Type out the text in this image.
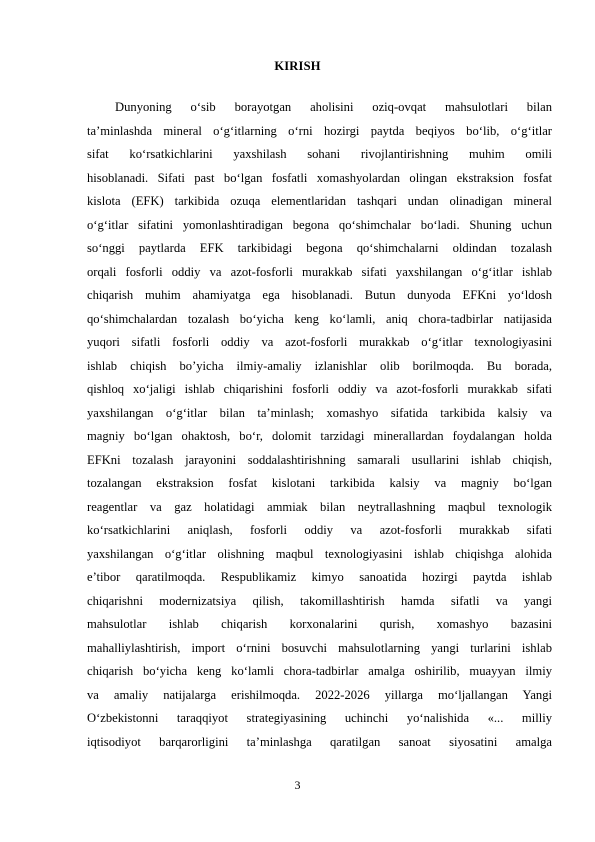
KIRISH
Dunyoning o‘sib borayotgan aholisini oziq-ovqat mahsulotlari bilan
ta’minlashda mineral o‘g‘itlarning o‘rni hozirgi paytda beqiyos bo‘lib, o‘g‘itlar
sifat ko‘rsatkichlarini yaxshilash sohani rivojlantirishning muhim omili
hisoblanadi. Sifati past bo‘lgan fosfatli xomashyolardan olingan ekstraksion fosfat
kislota (EFK) tarkibida ozuqa elementlaridan tashqari undan olinadigan mineral
o‘g‘itlar sifatini yomonlashtiradigan begona qo‘shimchalar bo‘ladi. Shuning uchun
so‘nggi paytlarda EFK tarkibidagi begona qo‘shimchalarni oldindan tozalash
orqali fosforli oddiy va azot-fosforli murakkab sifati yaxshilangan o‘g‘itlar ishlab
chiqarish muhim ahamiyatga ega hisoblanadi. Butun dunyoda EFKni yo‘ldosh
qo‘shimchalardan tozalash bo‘yicha keng ko‘lamli, aniq chora-tadbirlar natijasida
yuqori sifatli fosforli oddiy va azot-fosforli murakkab o‘g‘itlar texnologiyasini
ishlab chiqish bo’yicha ilmiy-amaliy izlanishlar olib borilmoqda. Bu borada,
qishloq xo‘jaligi ishlab chiqarishini fosforli oddiy va azot-fosforli murakkab sifati
yaxshilangan o‘g‘itlar bilan ta’minlash; xomashyo sifatida tarkibida kalsiy va
magniy bo‘lgan ohaktosh, bo‘r, dolomit tarzidagi minerallardan foydalangan holda
EFKni tozalash jarayonini soddalashtirishning samarali usullarini ishlab chiqish,
tozalangan ekstraksion fosfat kislotani tarkibida kalsiy va magniy bo‘lgan
reagentlar va gaz holatidagi ammiak bilan neytrallashning maqbul texnologik
ko‘rsatkichlarini aniqlash, fosforli oddiy va azot-fosforli murakkab sifati
yaxshilangan o‘g‘itlar olishning maqbul texnologiyasini ishlab chiqishga alohida
e’tibor qaratilmoqda. Respublikamiz kimyo sanoatida hozirgi paytda ishlab
chiqarishni modernizatsiya qilish, takomillashtirish hamda sifatli va yangi
mahsulotlar ishlab chiqarish korxonalarini qurish, xomashyo bazasini
mahalliylashtirish, import o‘rnini bosuvchi mahsulotlarning yangi turlarini ishlab
chiqarish bo‘yicha keng ko‘lamli chora-tadbirlar amalga oshirilib, muayyan ilmiy
va amaliy natijalarga erishilmoqda. 2022-2026 yillarga mo‘ljallangan Yangi
O‘zbekistonni taraqqiyot strategiyasining uchinchi yo‘nalishida «... milliy
iqtisodiyot barqarorligini ta’minlashga qaratilgan sanoat siyosatini amalga
3
